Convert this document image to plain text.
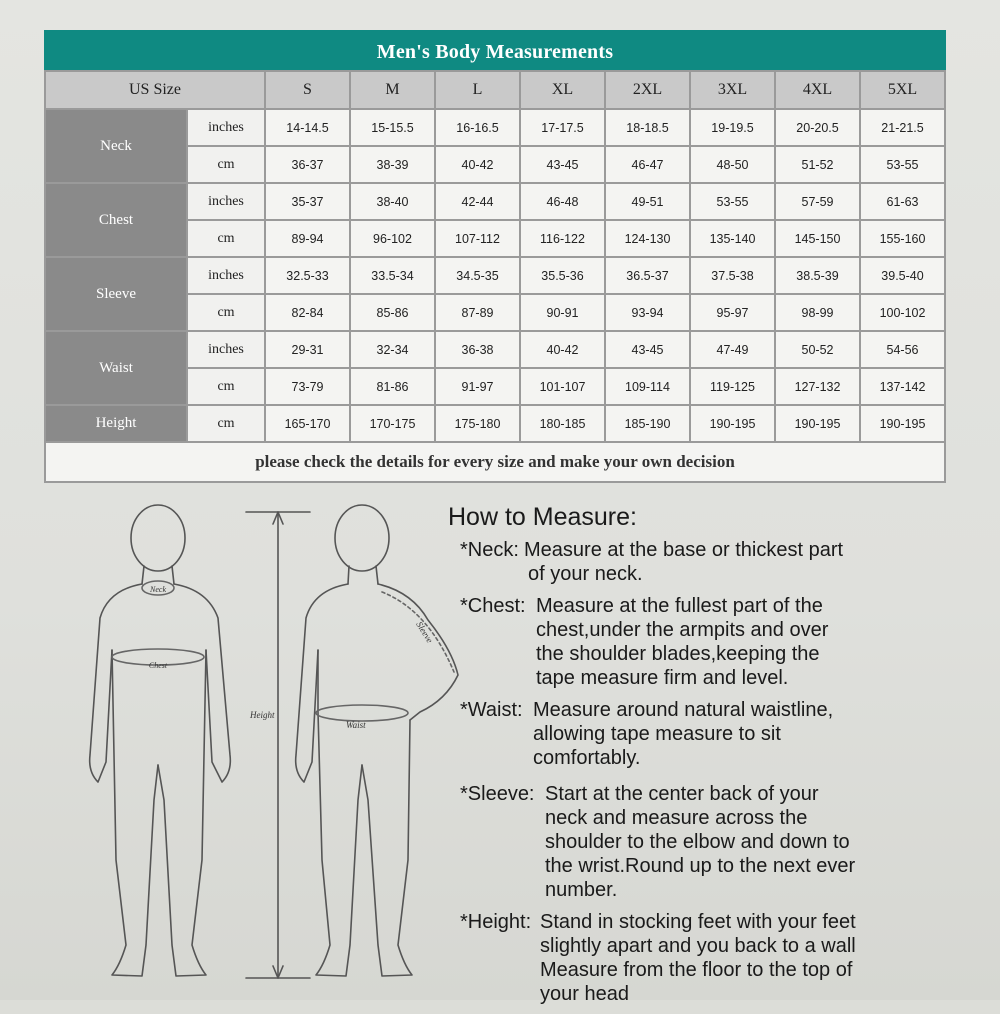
Men's Body Measurements
US Size		S	M	L	XL	2XL	3XL	4XL	5XL
Neck	inches	14-14.5	15-15.5	16-16.5	17-17.5	18-18.5	19-19.5	20-20.5	21-21.5
	cm	36-37	38-39	40-42	43-45	46-47	48-50	51-52	53-55
Chest	inches	35-37	38-40	42-44	46-48	49-51	53-55	57-59	61-63
	cm	89-94	96-102	107-112	116-122	124-130	135-140	145-150	155-160
Sleeve	inches	32.5-33	33.5-34	34.5-35	35.5-36	36.5-37	37.5-38	38.5-39	39.5-40
	cm	82-84	85-86	87-89	90-91	93-94	95-97	98-99	100-102
Waist	inches	29-31	32-34	36-38	40-42	43-45	47-49	50-52	54-56
	cm	73-79	81-86	91-97	101-107	109-114	119-125	127-132	137-142
Height	cm	165-170	170-175	175-180	180-185	185-190	190-195	190-195	190-195
please check the details for every size and make your own decision									
Neck
Chest
Height
Sleeve
Waist
How to Measure:
*Neck: Measure at the base or thickest part
of your neck.
*Chest: Measure at the fullest part of the
chest,under the armpits and over
the shoulder blades,keeping the
tape measure firm and level.
*Waist: Measure around natural waistline,
allowing tape measure to sit
comfortably.
*Sleeve: Start at the center back of your
neck and measure across the
shoulder to the elbow and down to
the wrist.Round up to the next ever
number.
*Height: Stand in stocking feet with your feet
slightly apart and you back to a wall
Measure from the floor to the top of
your head
